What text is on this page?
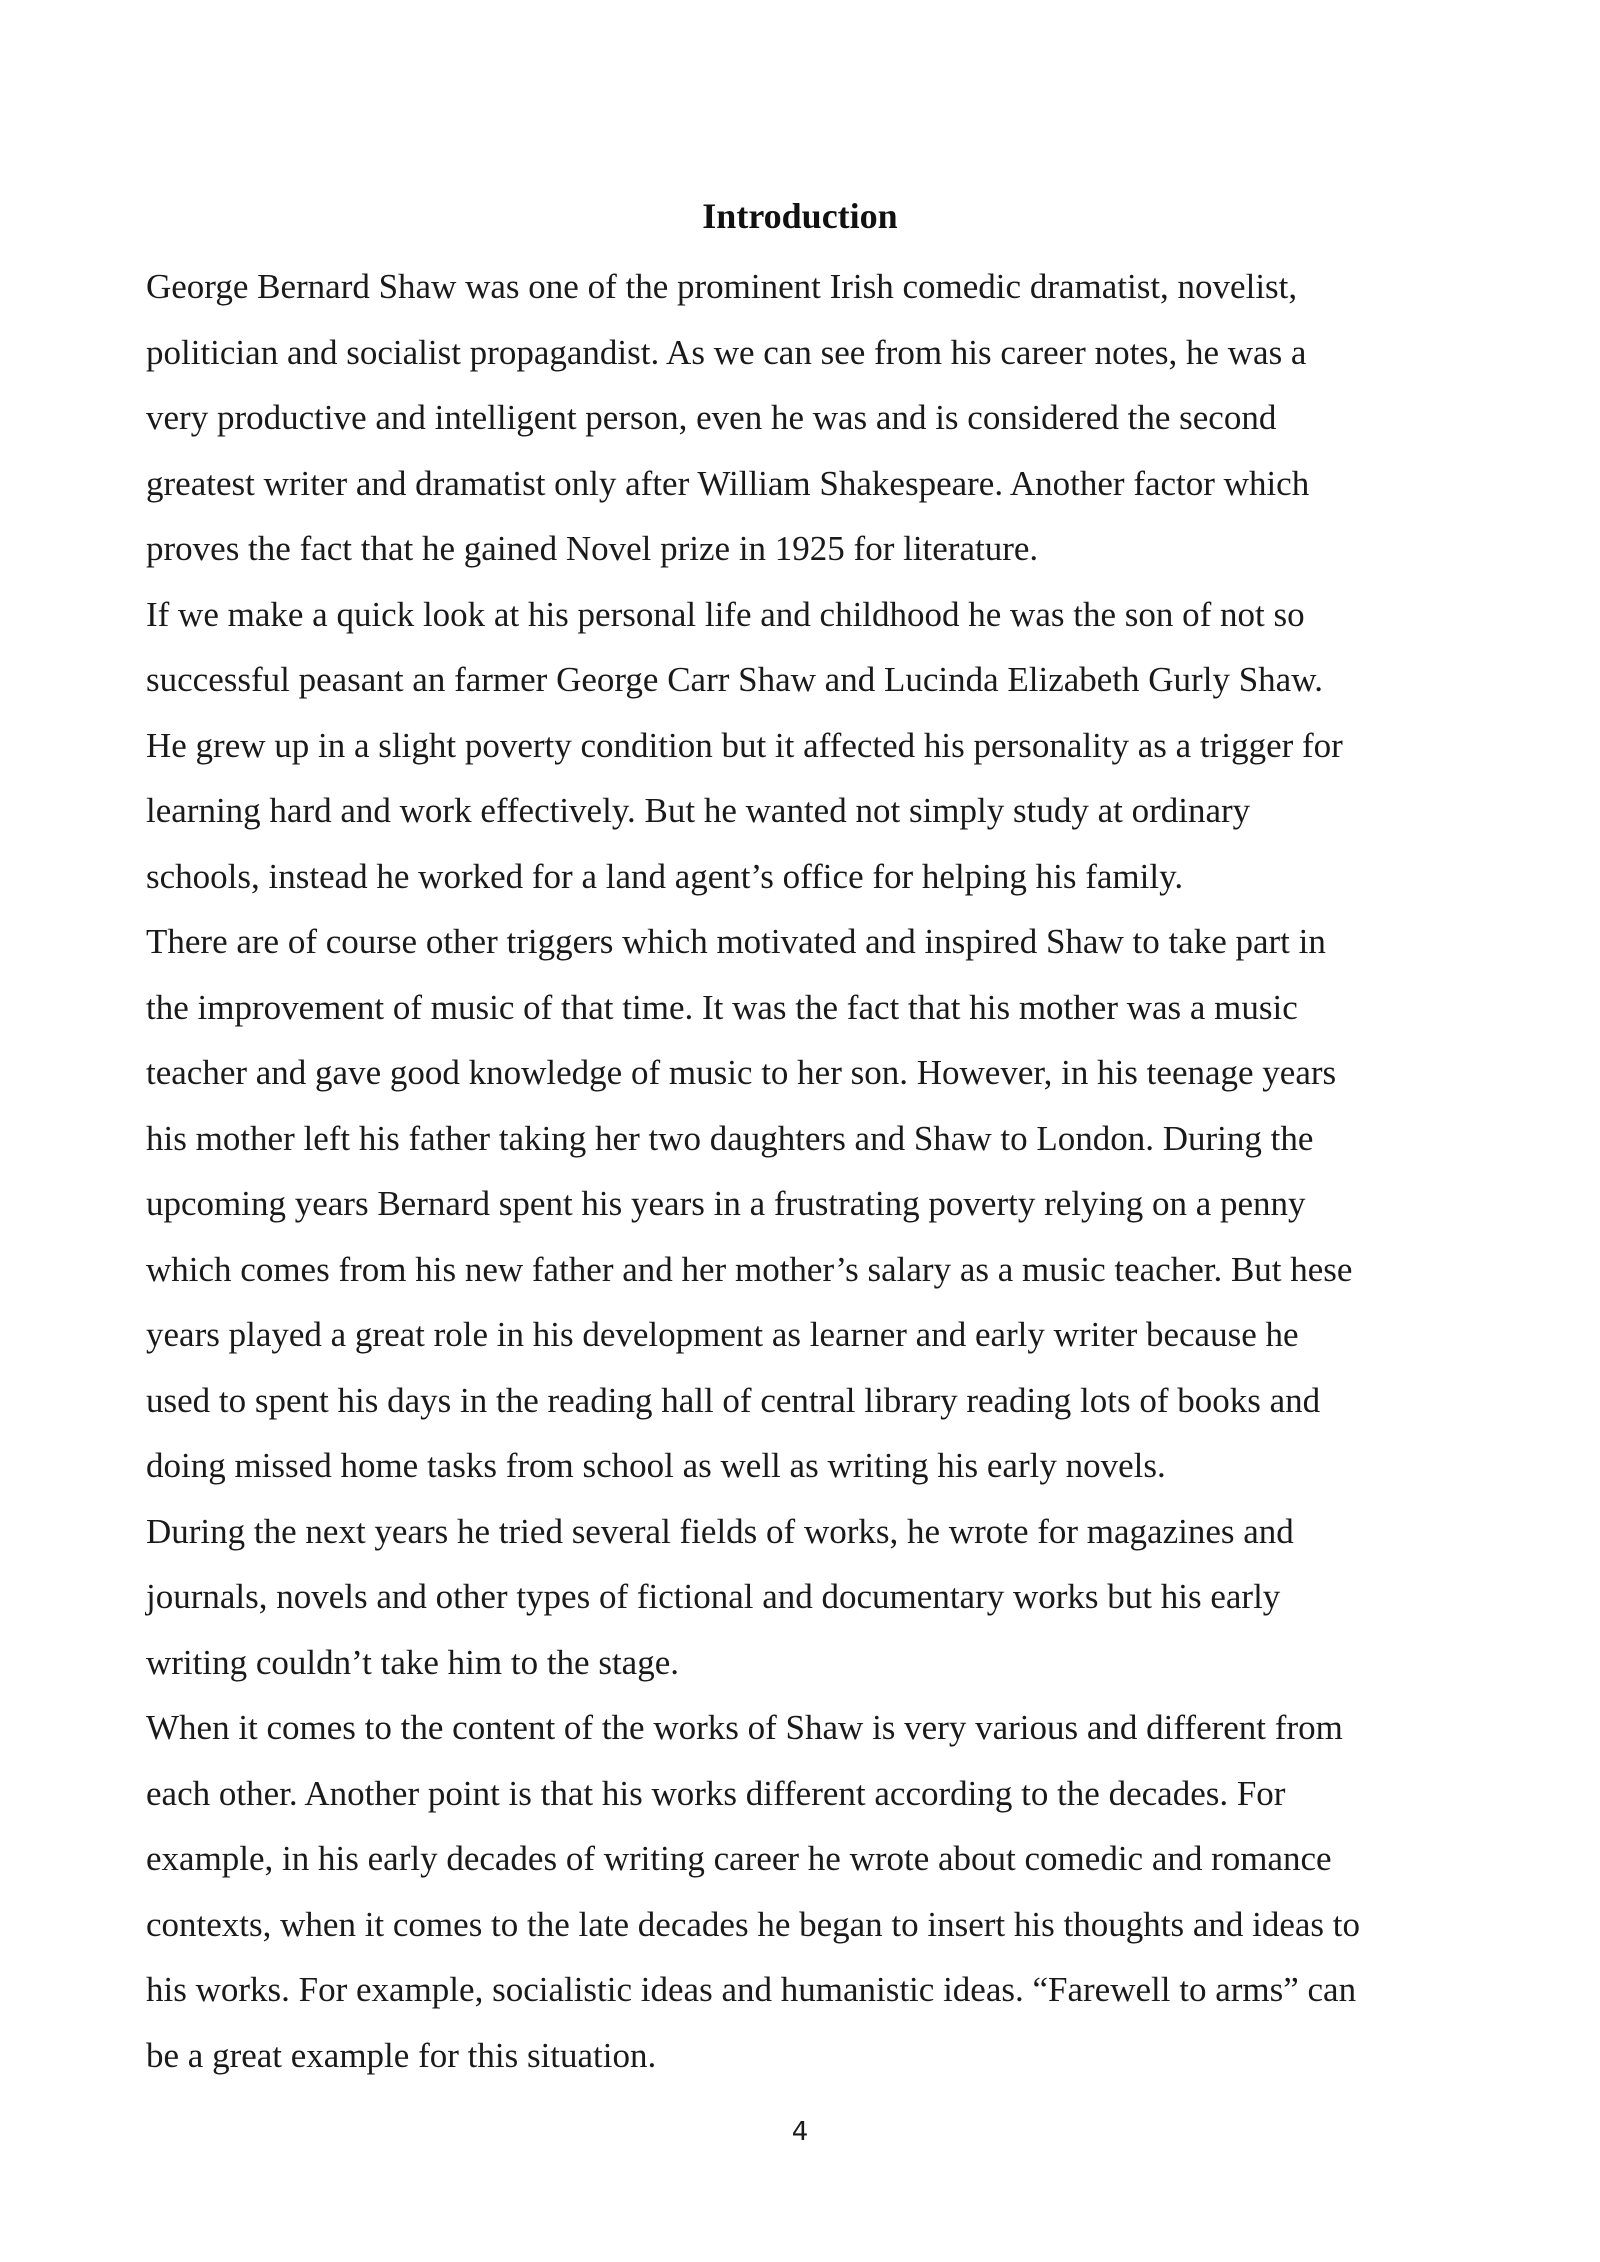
Introduction
George Bernard Shaw was one of the prominent Irish comedic dramatist, novelist,
politician and socialist propagandist. As we can see from his career notes, he was a
very productive and intelligent person, even he was and is considered the second
greatest writer and dramatist only after William Shakespeare. Another factor which
proves the fact that he gained Novel prize in 1925 for literature.
If we make a quick look at his personal life and childhood he was the son of not so
successful peasant an farmer George Carr Shaw and Lucinda Elizabeth Gurly Shaw.
He grew up in a slight poverty condition but it affected his personality as a trigger for
learning hard and work effectively. But he wanted not simply study at ordinary
schools, instead he worked for a land agent’s office for helping his family.
There are of course other triggers which motivated and inspired Shaw to take part in
the improvement of music of that time. It was the fact that his mother was a music
teacher and gave good knowledge of music to her son. However, in his teenage years
his mother left his father taking her two daughters and Shaw to London. During the
upcoming years Bernard spent his years in a frustrating poverty relying on a penny
which comes from his new father and her mother’s salary as a music teacher. But hese
years played a great role in his development as learner and early writer because he
used to spent his days in the reading hall of central library reading lots of books and
doing missed home tasks from school as well as writing his early novels.
During the next years he tried several fields of works, he wrote for magazines and
journals, novels and other types of fictional and documentary works but his early
writing couldn’t take him to the stage.
When it comes to the content of the works of Shaw is very various and different from
each other. Another point is that his works different according to the decades. For
example, in his early decades of writing career he wrote about comedic and romance
contexts, when it comes to the late decades he began to insert his thoughts and ideas to
his works. For example, socialistic ideas and humanistic ideas. “Farewell to arms” can
be a great example for this situation.
4
